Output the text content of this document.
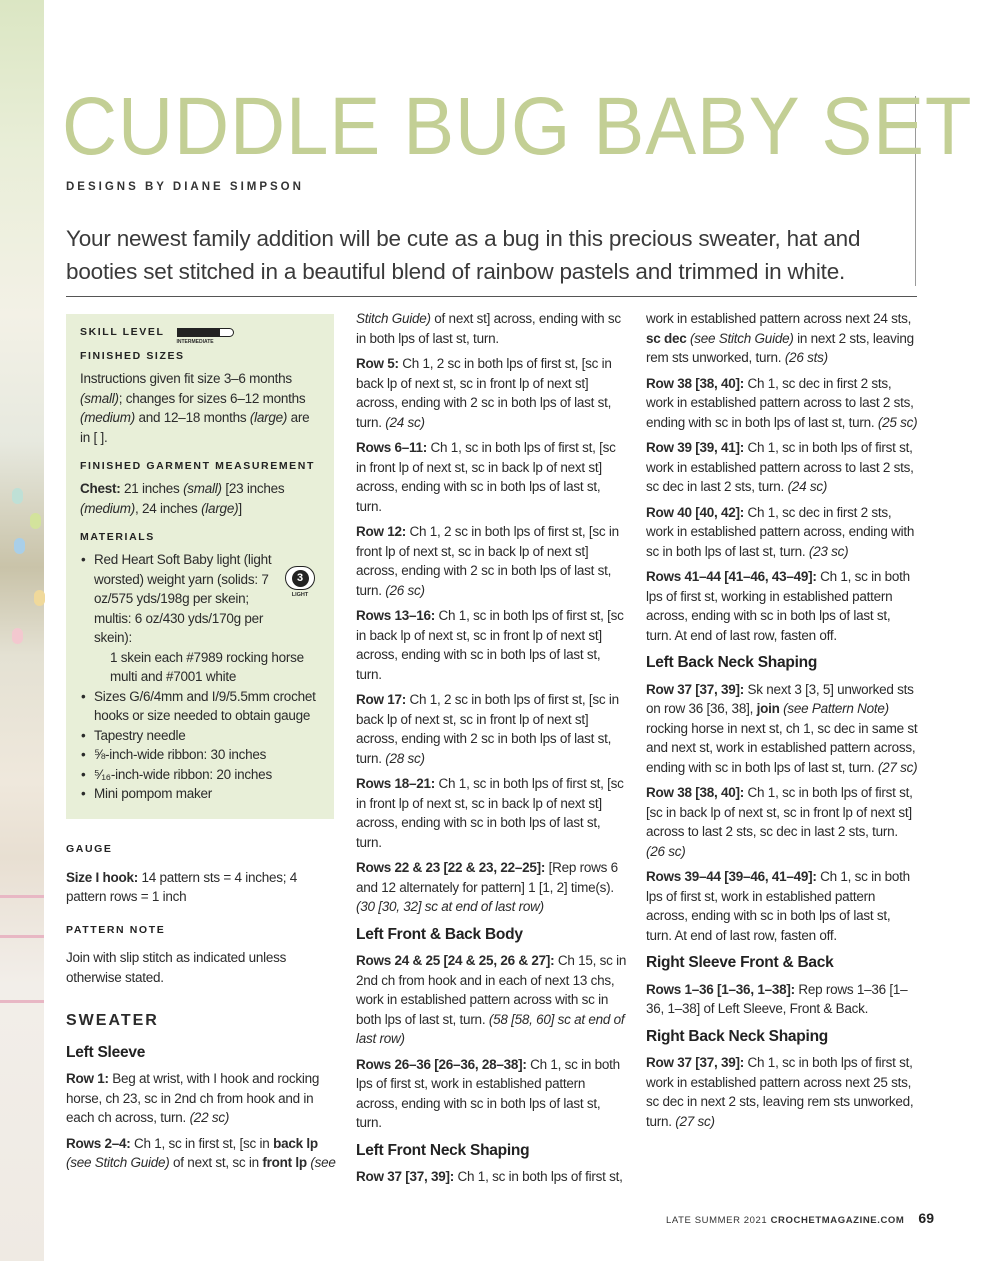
CUDDLE BUG BABY SET
DESIGNS BY DIANE SIMPSON

Your newest family addition will be cute as a bug in this precious sweater, hat and booties set stitched in a beautiful blend of rainbow pastels and trimmed in white.

SKILL LEVEL
INTERMEDIATE
FINISHED SIZES

Instructions given fit size 3–6 months (small); changes for sizes 6–12 months (medium) and 12–18 months (large) are in [ ].

FINISHED GARMENT MEASUREMENT

Chest: 21 inches (small) [23 inches (medium), 24 inches (large)]

MATERIALS
• Red Heart Soft Baby light (light worsted) weight yarn (solids: 7 oz/575 yds/198g per skein; multis: 6 oz/430 yds/170g per skein):
1 skein each #7989 rocking horse multi and #7001 white
• Sizes G/6/4mm and I/9/5.5mm crochet hooks or size needed to obtain gauge
• Tapestry needle
• ⅝-inch-wide ribbon: 30 inches
• ⁵⁄₁₆-inch-wide ribbon: 20 inches
• Mini pompom maker
3
LIGHT
GAUGE

Size I hook: 14 pattern sts = 4 inches; 4 pattern rows = 1 inch

PATTERN NOTE

Join with slip stitch as indicated unless otherwise stated.

SWEATER
Left Sleeve

Row 1: Beg at wrist, with I hook and rocking horse, ch 23, sc in 2nd ch from hook and in each ch across, turn. (22 sc)

Rows 2–4: Ch 1, sc in first st, [sc in back lp (see Stitch Guide) of next st, sc in front lp (see

Stitch Guide) of next st] across, ending with sc in both lps of last st, turn.

Row 5: Ch 1, 2 sc in both lps of first st, [sc in back lp of next st, sc in front lp of next st] across, ending with 2 sc in both lps of last st, turn. (24 sc)

Rows 6–11: Ch 1, sc in both lps of first st, [sc in front lp of next st, sc in back lp of next st] across, ending with sc in both lps of last st, turn.

Row 12: Ch 1, 2 sc in both lps of first st, [sc in front lp of next st, sc in back lp of next st] across, ending with 2 sc in both lps of last st, turn. (26 sc)

Rows 13–16: Ch 1, sc in both lps of first st, [sc in back lp of next st, sc in front lp of next st] across, ending with sc in both lps of last st, turn.

Row 17: Ch 1, 2 sc in both lps of first st, [sc in back lp of next st, sc in front lp of next st] across, ending with 2 sc in both lps of last st, turn. (28 sc)

Rows 18–21: Ch 1, sc in both lps of first st, [sc in front lp of next st, sc in back lp of next st] across, ending with sc in both lps of last st, turn.

Rows 22 & 23 [22 & 23, 22–25]: [Rep rows 6 and 12 alternately for pattern] 1 [1, 2] time(s). (30 [30, 32] sc at end of last row)

Left Front & Back Body

Rows 24 & 25 [24 & 25, 26 & 27]: Ch 15, sc in 2nd ch from hook and in each of next 13 chs, work in established pattern across with sc in both lps of last st, turn. (58 [58, 60] sc at end of last row)

Rows 26–36 [26–36, 28–38]: Ch 1, sc in both lps of first st, work in established pattern across, ending with sc in both lps of last st, turn.

Left Front Neck Shaping

Row 37 [37, 39]: Ch 1, sc in both lps of first st,

work in established pattern across next 24 sts, sc dec (see Stitch Guide) in next 2 sts, leaving rem sts unworked, turn. (26 sts)

Row 38 [38, 40]: Ch 1, sc dec in first 2 sts, work in established pattern across to last 2 sts, ending with sc in both lps of last st, turn. (25 sc)

Row 39 [39, 41]: Ch 1, sc in both lps of first st, work in established pattern across to last 2 sts, sc dec in last 2 sts, turn. (24 sc)

Row 40 [40, 42]: Ch 1, sc dec in first 2 sts, work in established pattern across, ending with sc in both lps of last st, turn. (23 sc)

Rows 41–44 [41–46, 43–49]: Ch 1, sc in both lps of first st, working in established pattern across, ending with sc in both lps of last st, turn. At end of last row, fasten off.

Left Back Neck Shaping

Row 37 [37, 39]: Sk next 3 [3, 5] unworked sts on row 36 [36, 38], join (see Pattern Note) rocking horse in next st, ch 1, sc dec in same st and next st, work in established pattern across, ending with sc in both lps of last st, turn. (27 sc)

Row 38 [38, 40]: Ch 1, sc in both lps of first st, [sc in back lp of next st, sc in front lp of next st] across to last 2 sts, sc dec in last 2 sts, turn. (26 sc)

Rows 39–44 [39–46, 41–49]: Ch 1, sc in both lps of first st, work in established pattern across, ending with sc in both lps of last st, turn. At end of last row, fasten off.

Right Sleeve Front & Back

Rows 1–36 [1–36, 1–38]: Rep rows 1–36 [1–36, 1–38] of Left Sleeve, Front & Back.

Right Back Neck Shaping

Row 37 [37, 39]: Ch 1, sc in both lps of first st, work in established pattern across next 25 sts, sc dec in next 2 sts, leaving rem sts unworked, turn. (27 sc)

LATE SUMMER 2021 CROCHETMAGAZINE.COM 69
